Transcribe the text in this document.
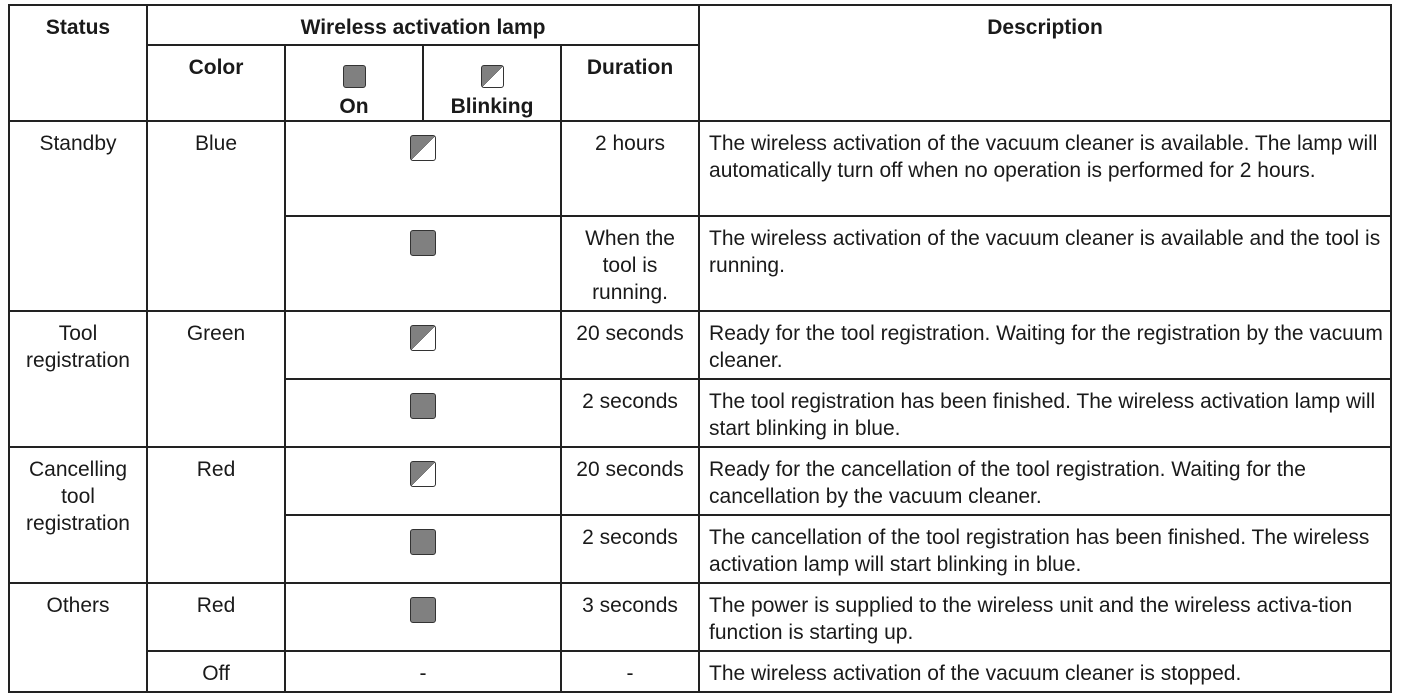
Status	Wireless activation lamp				Description
	Color	On	Blinking	Duration	
Standby	Blue			2 hours	The wireless activation of the vacuum cleaner is available. The lamp will automatically turn off when no operation is performed for 2 hours.
				When the tool is running.	The wireless activation of the vacuum cleaner is available and the tool is running.
Tool registration	Green			20 seconds	Ready for the tool registration. Waiting for the registration by the vacuum cleaner.
				2 seconds	The tool registration has been finished. The wireless activation lamp will start blinking in blue.
Cancelling tool registration	Red			20 seconds	Ready for the cancellation of the tool registration. Waiting for the cancellation by the vacuum cleaner.
				2 seconds	The cancellation of the tool registration has been finished. The wireless activation lamp will start blinking in blue.
Others	Red			3 seconds	The power is supplied to the wireless unit and the wireless activa-tion function is starting up.
	Off	-		-	The wireless activation of the vacuum cleaner is stopped.
